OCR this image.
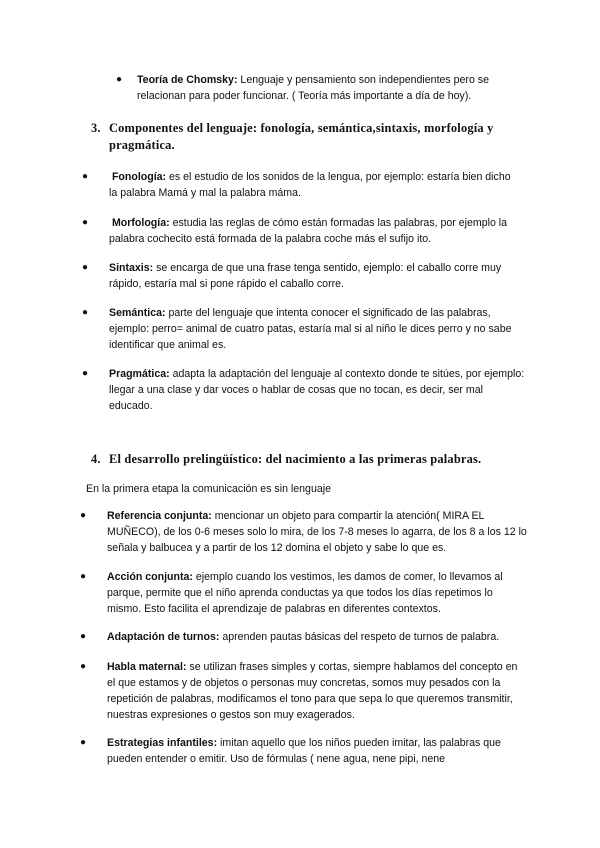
● Teoría de Chomsky: Lenguaje y pensamiento son independientes pero se relacionan para poder funcionar. ( Teoría más importante a día de hoy).
3. Componentes del lenguaje: fonología, semántica,sintaxis, morfología y pragmática.
● Fonología: es el estudio de los sonidos de la lengua, por ejemplo: estaría bien dicho la palabra Mamá y mal la palabra máma.
● Morfología: estudia las reglas de cómo están formadas las palabras, por ejemplo la palabra cochecito está formada de la palabra coche más el sufijo ito.
● Sintaxis: se encarga de que una frase tenga sentido, ejemplo: el caballo corre muy rápido, estaría mal si pone rápido el caballo corre.
● Semántica: parte del lenguaje que intenta conocer el significado de las palabras, ejemplo: perro= animal de cuatro patas, estaría mal si al niño le dices perro y no sabe identificar que animal es.
● Pragmática: adapta la adaptación del lenguaje al contexto donde te sitúes, por ejemplo: llegar a una clase y dar voces o hablar de cosas que no tocan, es decir, ser mal educado.
4. El desarrollo prelingüístico: del nacimiento a las primeras palabras.
En la primera etapa la comunicación es sin lenguaje
● Referencia conjunta: mencionar un objeto para compartir la atención( MIRA EL MUÑECO), de los 0-6 meses solo lo mira, de los 7-8 meses lo agarra, de los 8 a los 12 lo señala y balbucea y a partir de los 12 domina el objeto y sabe lo que es.
● Acción conjunta: ejemplo cuando los vestimos, les damos de comer, lo llevamos al parque, permite que el niño aprenda conductas ya que todos los días repetimos lo mismo. Esto facilita el aprendizaje de palabras en diferentes contextos.
● Adaptación de turnos: aprenden pautas básicas del respeto de turnos de palabra.
● Habla maternal: se utilizan frases simples y cortas, siempre hablamos del concepto en el que estamos y de objetos o personas muy concretas, somos muy pesados con la repetición de palabras, modificamos el tono para que sepa lo que queremos transmitir, nuestras expresiones o gestos son muy exagerados.
● Estrategias infantiles: imitan aquello que los niños pueden imitar, las palabras que pueden entender o emitir. Uso de fórmulas ( nene agua, nene pipi, nene
